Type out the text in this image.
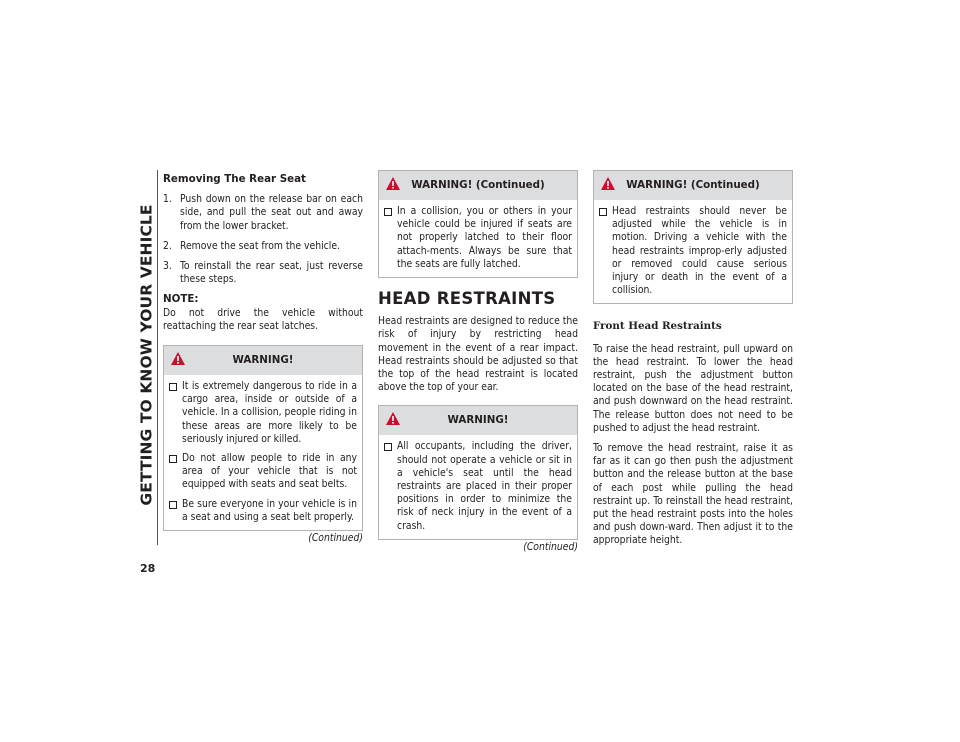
GETTING TO KNOW YOUR VEHICLE
28
Removing The Rear Seat
1. Push down on the release bar on each side, and pull the seat out and away from the lower bracket.
2. Remove the seat from the vehicle.
3. To reinstall the rear seat, just reverse these steps.
NOTE:

Do not drive the vehicle without reattaching the rear seat latches.

WARNING!
It is extremely dangerous to ride in a cargo area, inside or outside of a vehicle. In a collision, people riding in these areas are more likely to be seriously injured or killed.
Do not allow people to ride in any area of your vehicle that is not equipped with seats and seat belts.
Be sure everyone in your vehicle is in a seat and using a seat belt properly.
(Continued)
WARNING! (Continued)
In a collision, you or others in your vehicle could be injured if seats are not properly latched to their floor attach-ments. Always be sure that the seats are fully latched.
HEAD RESTRAINTS

Head restraints are designed to reduce the risk of injury by restricting head movement in the event of a rear impact. Head restraints should be adjusted so that the top of the head restraint is located above the top of your ear.

WARNING!
All occupants, including the driver, should not operate a vehicle or sit in a vehicle's seat until the head restraints are placed in their proper positions in order to minimize the risk of neck injury in the event of a crash.
(Continued)
WARNING! (Continued)
Head restraints should never be adjusted while the vehicle is in motion. Driving a vehicle with the head restraints improp-erly adjusted or removed could cause serious injury or death in the event of a collision.
Front Head Restraints

To raise the head restraint, pull upward on the head restraint. To lower the head restraint, push the adjustment button located on the base of the head restraint, and push downward on the head restraint. The release button does not need to be pushed to adjust the head restraint.

To remove the head restraint, raise it as far as it can go then push the adjustment button and the release button at the base of each post while pulling the head restraint up. To reinstall the head restraint, put the head restraint posts into the holes and push down-ward. Then adjust it to the appropriate height.
